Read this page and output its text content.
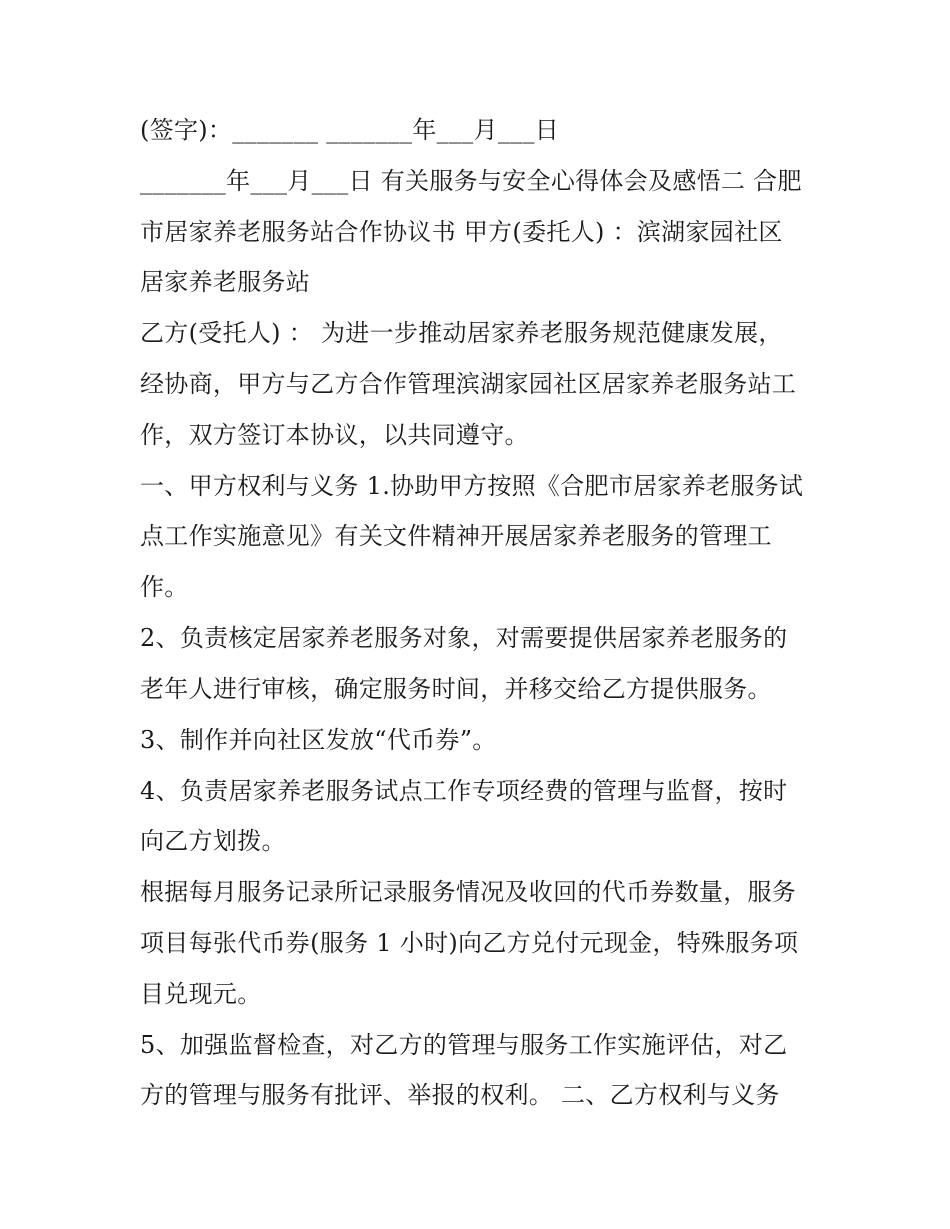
(签字)：_______ _______年___月___日
_______年___月___日 有关服务与安全心得体会及感悟二 合肥
市居家养老服务站合作协议书 甲方(委托人) ：滨湖家园社区
居家养老服务站
乙方(受托人) ： 为进一步推动居家养老服务规范健康发展，
经协商，甲方与乙方合作管理滨湖家园社区居家养老服务站工
作，双方签订本协议，以共同遵守。
一、甲方权利与义务 1.协助甲方按照《合肥市居家养老服务试
点工作实施意见》有关文件精神开展居家养老服务的管理工
作。
2、负责核定居家养老服务对象，对需要提供居家养老服务的
老年人进行审核，确定服务时间，并移交给乙方提供服务。
3、制作并向社区发放“代币券”。
4、负责居家养老服务试点工作专项经费的管理与监督，按时
向乙方划拨。
根据每月服务记录所记录服务情况及收回的代币券数量，服务
项目每张代币券(服务 1 小时)向乙方兑付元现金，特殊服务项
目兑现元。
5、加强监督检查，对乙方的管理与服务工作实施评估，对乙
方的管理与服务有批评、举报的权利。 二、乙方权利与义务
